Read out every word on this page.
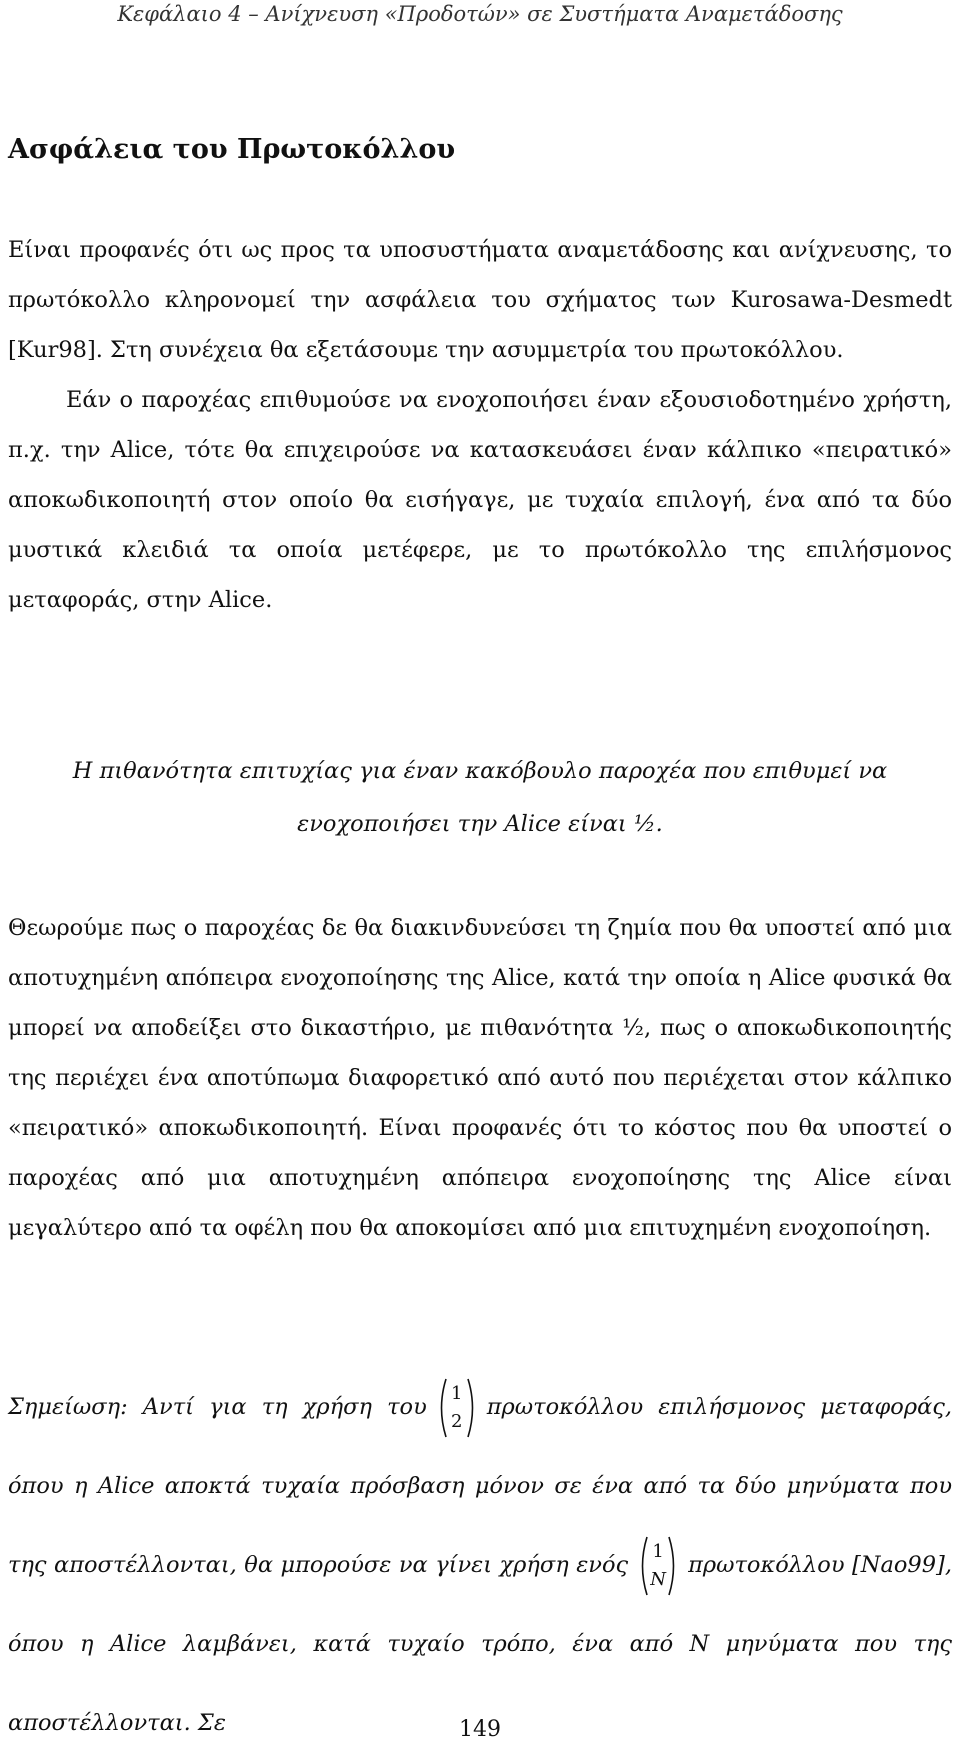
Κεφάλαιο 4 – Ανίχνευση «Προδοτών» σε Συστήματα Αναμετάδοσης
Ασφάλεια του Πρωτοκόλλου

Είναι προφανές ότι ως προς τα υποσυστήματα αναμετάδοσης και ανίχνευσης, το πρωτόκολλο κληρονομεί την ασφάλεια του σχήματος των Kurosawa-Desmedt [Kur98]. Στη συνέχεια θα εξετάσουμε την ασυμμετρία του πρωτοκόλλου.
Εάν ο παροχέας επιθυμούσε να ενοχοποιήσει έναν εξουσιοδοτημένο χρήστη, π.χ. την Alice, τότε θα επιχειρούσε να κατασκευάσει έναν κάλπικο «πειρατικό» αποκωδικοποιητή στον οποίο θα εισήγαγε, με τυχαία επιλογή, ένα από τα δύο μυστικά κλειδιά τα οποία μετέφερε, με το πρωτόκολλο της επιλήσμονος μεταφοράς, στην Alice.

Η πιθανότητα επιτυχίας για έναν κακόβουλο παροχέα που επιθυμεί να
ενοχοποιήσει την Alice είναι ½.

Θεωρούμε πως ο παροχέας δε θα διακινδυνεύσει τη ζημία που θα υποστεί από μια αποτυχημένη απόπειρα ενοχοποίησης της Alice, κατά την οποία η Alice φυσικά θα μπορεί να αποδείξει στο δικαστήριο, με πιθανότητα ½, πως ο αποκωδικοποιητής της περιέχει ένα αποτύπωμα διαφορετικό από αυτό που περιέχεται στον κάλπικο «πειρατικό» αποκωδικοποιητή. Είναι προφανές ότι το κόστος που θα υποστεί ο παροχέας από μια αποτυχημένη απόπειρα ενοχοποίησης της Alice είναι μεγαλύτερο από τα οφέλη που θα αποκομίσει από μια επιτυχημένη ενοχοποίηση.

Σημείωση: Αντί για τη χρήση του
1
2
πρωτοκόλλου επιλήσμονος μεταφοράς, όπου η Alice αποκτά τυχαία πρόσβαση μόνον σε ένα από τα δύο μηνύματα που της αποστέλλονται, θα μπορούσε να γίνει χρήση ενός
1
N
πρωτοκόλλου [Nao99], όπου η Alice λαμβάνει, κατά τυχαίο τρόπο, ένα από N μηνύματα που της αποστέλλονται. Σε	149
